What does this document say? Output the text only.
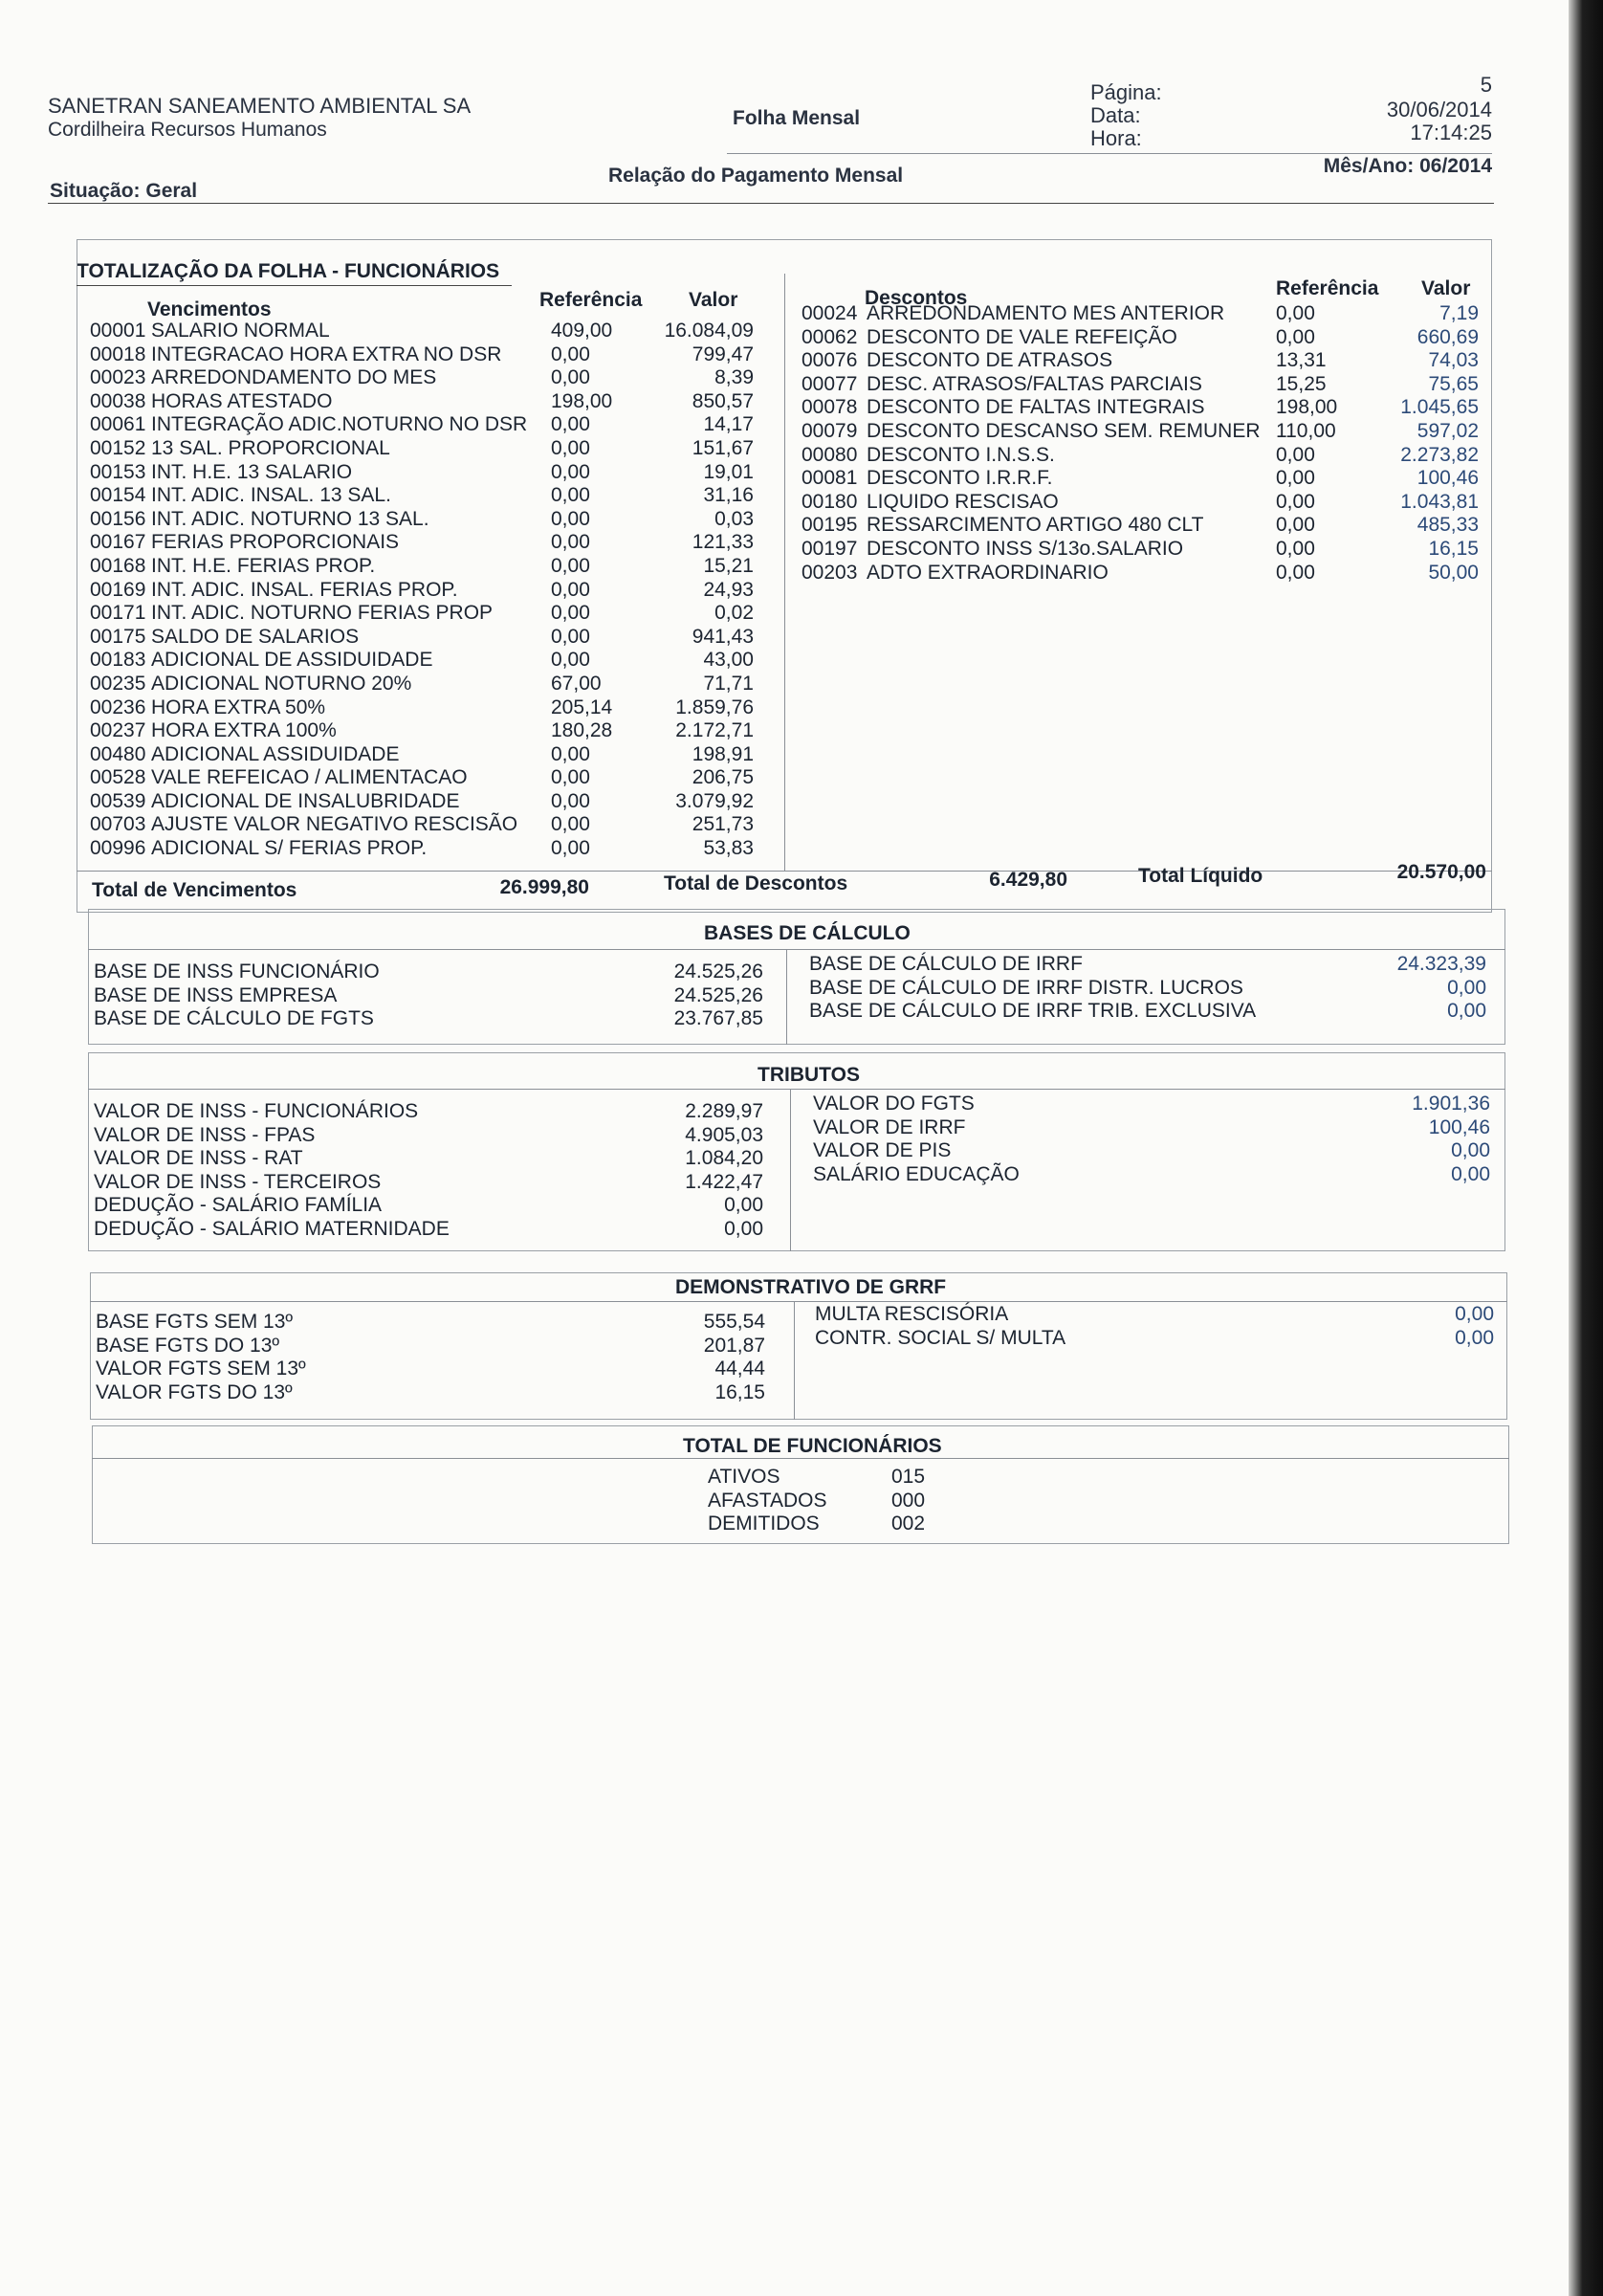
SANETRAN SANEAMENTO AMBIENTAL SA
Cordilheira Recursos Humanos
Folha Mensal
Página:
Data:
Hora:
5
30/06/2014
17:14:25
Situação: Geral
Relação do Pagamento Mensal	Mês/Ano: 06/2014
TOTALIZAÇÃO DA FOLHA - FUNCIONÁRIOS
Vencimentos	Referência Valor
00001 SALARIO NORMAL	409,00	16.084,09
00018 INTEGRACAO HORA EXTRA NO DSR 0,00	799,47
00023 ARREDONDAMENTO DO MES	0,00	8,39
00038 HORAS ATESTADO	198,00	850,57
00061 INTEGRAÇÃO ADIC.NOTURNO NO DSR 0,00	14,17
00152 13 SAL. PROPORCIONAL	0,00	151,67
00153 INT. H.E. 13 SALARIO	0,00	19,01
00154 INT. ADIC. INSAL. 13 SAL.	0,00	31,16
00156 INT. ADIC. NOTURNO 13 SAL.	0,00	0,03
00167 FERIAS PROPORCIONAIS	0,00	121,33
00168 INT. H.E. FERIAS PROP.	0,00	15,21
00169 INT. ADIC. INSAL. FERIAS PROP.	0,00	24,93
00171 INT. ADIC. NOTURNO FERIAS PROP	0,00	0,02
00175 SALDO DE SALARIOS	0,00	941,43
00183 ADICIONAL DE ASSIDUIDADE	0,00	43,00
00235 ADICIONAL NOTURNO 20%	67,00	71,71
00236 HORA EXTRA 50%	205,14	1.859,76
00237 HORA EXTRA 100%	180,28	2.172,71
00480 ADICIONAL ASSIDUIDADE	0,00	198,91
00528 VALE REFEICAO / ALIMENTACAO	0,00	206,75
00539 ADICIONAL DE INSALUBRIDADE	0,00	3.079,92
00703 AJUSTE VALOR NEGATIVO RESCISÃO 0,00	251,73
00996 ADICIONAL S/ FERIAS PROP.	0,00	53,83
Descontos	Referência Valor
00024 ARREDONDAMENTO MES ANTERIOR	0,00	7,19
00062 DESCONTO DE VALE REFEIÇÃO	0,00	660,69
00076 DESCONTO DE ATRASOS	13,31	74,03
00077 DESC. ATRASOS/FALTAS PARCIAIS	15,25	75,65
00078 DESCONTO DE FALTAS INTEGRAIS	198,00	1.045,65
00079 DESCONTO DESCANSO SEM. REMUNER 110,00	597,02
00080 DESCONTO I.N.S.S.	0,00	2.273,82
00081 DESCONTO I.R.R.F.	0,00	100,46
00180 LIQUIDO RESCISAO	0,00	1.043,81
00195 RESSARCIMENTO ARTIGO 480 CLT	0,00	485,33
00197 DESCONTO INSS S/13o.SALARIO	0,00	16,15
00203 ADTO EXTRAORDINARIO	0,00	50,00
Total de Vencimentos	26.999,80	Total de Descontos	6.429,80	Total Líquido	20.570,00
BASES DE CÁLCULO
BASE DE INSS FUNCIONÁRIO	24.525,26
BASE DE INSS EMPRESA	24.525,26
BASE DE CÁLCULO DE FGTS	23.767,85
BASE DE CÁLCULO DE IRRF	24.323,39
BASE DE CÁLCULO DE IRRF DISTR. LUCROS	0,00
BASE DE CÁLCULO DE IRRF TRIB. EXCLUSIVA	0,00
TRIBUTOS
VALOR DE INSS - FUNCIONÁRIOS	2.289,97
VALOR DE INSS - FPAS	4.905,03
VALOR DE INSS - RAT	1.084,20
VALOR DE INSS - TERCEIROS	1.422,47
DEDUÇÃO - SALÁRIO FAMÍLIA	0,00
DEDUÇÃO - SALÁRIO MATERNIDADE	0,00
VALOR DO FGTS	1.901,36
VALOR DE IRRF	100,46
VALOR DE PIS	0,00
SALÁRIO EDUCAÇÃO	0,00
DEMONSTRATIVO DE GRRF
BASE FGTS SEM 13º	555,54
BASE FGTS DO 13º	201,87
VALOR FGTS SEM 13º	44,44
VALOR FGTS DO 13º	16,15
MULTA RESCISÓRIA	0,00
CONTR. SOCIAL S/ MULTA	0,00
TOTAL DE FUNCIONÁRIOS
ATIVOS	015
AFASTADOS	000
DEMITIDOS	002
